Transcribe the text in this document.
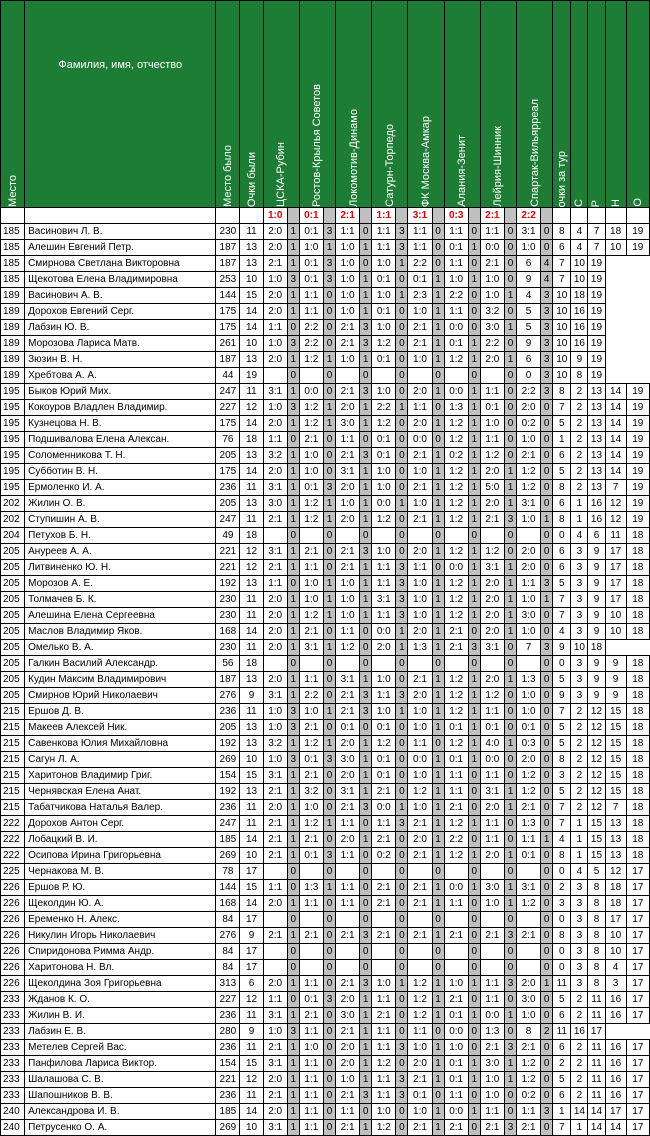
Место	Фамилия, имя, отчество	Место было	Очки были	ЦСКА-Рубин		Ростов-Крылья Советов		Локомотив-Динамо		Сатурн-Торпедо		ФК Москва-Амкар		Алания-Зенит		Лейрия-Шинник		Спартак-Вильярреал		очки за тур	С	Р	Н	О

				1:0		0:1		2:1		1:1		3:1		0:3		2:1		2:2						
185	Васинович Л. В.	230	11	2:0	1	0:1	3	1:1	0	1:1	3	1:1	0	1:1	0	1:1	0	3:1	0	8	4	7	18	19
185	Алешин Евгений Петр.	187	13	2:0	1	1:0	1	1:0	1	1:1	3	1:1	0	0:1	1	0:0	0	1:0	0	6	4	7	10	19
185	Смирнова Светлана Викторовна	187	13	2:1	1	0:1	3	1:0	0	1:0	1	2:2	0	1:1	0	2:1	0	6	4	7	10	19		
185	Щекотова Елена Владимировна	253	10	1:0	3	0:1	3	1:0	1	0:1	0	0:1	1	1:0	1	1:0	0	9	4	7	10	19		
189	Васинович А. В.	144	15	2:0	1	1:1	0	1:0	1	1:0	1	2:3	1	2:2	0	1:0	1	4	3	10	18	19		
189	Дорохов Евгений Серг.	175	14	2:0	1	1:1	0	1:0	1	0:1	0	1:0	1	1:1	0	3:2	0	5	3	10	16	19		
189	Лабзин Ю. В.	175	14	1:1	0	2:2	0	2:1	3	1:0	0	2:1	1	0:0	0	3:0	1	5	3	10	16	19		
189	Морозова Лариса Матв.	261	10	1:0	3	2:2	0	2:1	3	1:2	0	2:1	1	0:1	1	2:2	0	9	3	10	16	19		
189	Зюзин В. Н.	187	13	2:0	1	1:2	1	1:0	1	0:1	0	1:0	1	1:2	1	2:0	1	6	3	10	9	19		
189	Хребтова А. А.	44	19		0		0		0		0		0		0		0	0	3	10	8	19		
195	Быков Юрий Мих.	247	11	3:1	1	0:0	0	2:1	3	1:0	0	2:0	1	0:0	1	1:1	0	2:2	3	8	2	13	14	19
195	Кокоуров Владлен Владимир.	227	12	1:0	3	1:2	1	2:0	1	2:2	1	1:1	0	1:3	1	0:1	0	2:0	0	7	2	13	14	19
195	Кузнецова Н. В.	175	14	2:0	1	1:2	1	3:0	1	1:2	0	2:0	1	1:2	1	1:0	0	0:2	0	5	2	13	14	19
195	Подшивалова Елена Алексан.	76	18	1:1	0	2:1	0	1:1	0	0:1	0	0:0	0	1:2	1	1:1	0	1:0	0	1	2	13	14	19
195	Соломенникова Т. Н.	205	13	3:2	1	1:0	0	2:1	3	0:1	0	2:1	1	0:2	1	1:2	0	2:1	0	6	2	13	14	19
195	Субботин В. Н.	175	14	2:0	1	1:0	0	3:1	1	1:0	0	1:0	1	1:2	1	2:0	1	1:2	0	5	2	13	14	19
195	Ермоленко И. А.	236	11	3:1	1	0:1	3	2:0	1	1:0	0	2:1	1	1:2	1	5:0	1	1:2	0	8	2	13	7	19
202	Жилин О. В.	205	13	3:0	1	1:2	1	1:0	1	0:0	1	1:0	1	1:2	1	2:0	1	3:1	0	6	1	16	12	19
202	Ступишин А. В.	247	11	2:1	1	1:2	1	2:0	1	1:2	0	2:1	1	1:2	1	2:1	3	1:0	1	8	1	16	12	19
204	Петухов Б. Н.	49	18		0		0		0		0		0		0		0		0	0	4	6	11	18
205	Ануреев А. А.	221	12	3:1	1	2:1	0	2:1	3	1:0	0	2:0	1	1:2	1	1:2	0	2:0	0	6	3	9	17	18
205	Литвиненко Ю. Н.	221	12	2:1	1	1:1	0	2:1	1	1:1	3	1:1	0	0:0	1	3:1	1	2:0	0	6	3	9	17	18
205	Морозов А. Е.	192	13	1:1	0	1:0	1	1:0	1	1:1	3	1:0	1	1:2	1	2:0	1	1:1	3	5	3	9	17	18
205	Толмачев Б. К.	230	11	2:0	1	1:0	1	1:0	1	3:1	3	1:0	1	1:2	1	2:0	1	1:0	1	7	3	9	17	18
205	Алешина Елена Сергеевна	230	11	2:0	1	1:2	1	1:0	1	1:1	3	1:0	1	1:2	1	2:0	1	3:0	0	7	3	9	10	18
205	Маслов Владимир Яков.	168	14	2:0	1	2:1	0	1:1	0	0:0	1	2:0	1	2:1	0	2:0	1	1:0	0	4	3	9	10	18
205	Омелько В. А.	230	11	2:0	1	3:1	1	1:2	0	2:0	1	1:3	1	2:1	3	3:1	0	7	3	9	10	18		
205	Галкин Василий Александр.	56	18		0		0		0		0		0		0		0		0	0	3	9	9	18
205	Кудин Максим Владимирович	187	13	2:0	1	1:1	0	3:1	1	1:0	0	2:1	1	1:2	1	2:0	1	1:3	0	5	3	9	9	18
205	Смирнов Юрий Николаевич	276	9	3:1	1	2:2	0	2:1	3	1:1	3	2:0	1	1:2	1	1:2	0	1:0	0	9	3	9	9	18
215	Ершов Д. В.	236	11	1:0	3	1:0	1	2:1	3	1:0	1	1:0	1	1:2	1	1:1	0	1:0	0	7	2	12	15	18
215	Макеев Алексей Ник.	205	13	1:0	3	2:1	0	0:1	0	0:1	0	1:0	1	0:1	1	0:1	0	0:1	0	5	2	12	15	18
215	Савенкова Юлия Михайловна	192	13	3:2	1	1:2	1	2:0	1	1:2	0	1:1	0	1:2	1	4:0	1	0:3	0	5	2	12	15	18
215	Сагун Л. А.	269	10	1:0	3	0:1	3	3:0	1	0:1	0	0:0	1	0:1	1	0:0	0	2:0	0	8	2	12	15	18
215	Харитонов Владимир Григ.	154	15	3:1	1	2:1	0	2:0	1	0:1	0	1:0	1	1:1	0	1:1	0	1:2	0	3	2	12	15	18
215	Чернявская Елена Анат.	192	13	2:1	1	3:2	0	3:1	1	2:1	0	1:2	1	1:1	0	3:1	1	1:2	0	5	2	12	15	18
215	Табатчикова Наталья Валер.	236	11	2:0	1	1:0	0	2:1	3	0:0	1	1:0	1	2:1	0	2:0	1	2:1	0	7	2	12	7	18
222	Дорохов Антон Серг.	247	11	2:1	1	1:2	1	1:1	0	1:1	3	2:1	1	1:2	1	1:1	0	1:3	0	7	1	15	13	18
222	Лобацкий В. И.	185	14	2:1	1	2:1	0	2:0	1	2:1	0	2:0	1	2:2	0	1:1	0	1:1	1	4	1	15	13	18
222	Осипова Ирина Григорьевна	269	10	2:1	1	0:1	3	1:1	0	0:2	0	2:1	1	1:2	1	2:0	1	0:1	0	8	1	15	13	18
225	Чернакова М. В.	78	17		0		0		0		0		0		0		0		0	0	4	5	12	17
226	Ершов Р. Ю.	144	15	1:1	0	1:3	1	1:1	0	2:1	0	2:1	1	0:0	1	3:0	1	3:1	0	2	3	8	18	17
226	Щеколдин Ю. А.	168	14	2:0	1	1:1	0	1:1	0	2:1	0	2:1	1	1:1	0	1:0	1	1:2	0	3	3	8	18	17
226	Еременко Н. Алекс.	84	17		0		0		0		0		0		0		0		0	0	3	8	17	17
226	Никулин Игорь Николаевич	276	9	2:1	1	2:1	0	2:1	3	2:1	0	2:1	1	2:1	0	2:1	3	2:1	0	8	3	8	10	17
226	Спиридонова Римма Андр.	84	17		0		0		0		0		0		0		0		0	0	3	8	10	17
226	Харитонова Н. Вл.	84	17		0		0		0		0		0		0		0		0	0	3	8	4	17
226	Щеколдина Зоя Григорьевна	313	6	2:0	1	1:1	0	2:1	3	1:0	1	1:2	1	1:0	1	1:1	3	2:0	1	11	3	8	3	17
233	Жданов К. О.	227	12	1:1	0	0:1	3	2:0	1	1:1	0	1:2	1	2:1	0	1:1	0	3:0	0	5	2	11	16	17
233	Жилин В. И.	236	11	3:1	1	2:1	0	3:0	1	2:1	0	1:2	1	0:1	1	0:0	1	1:0	0	6	2	11	16	17
233	Лабзин Е. В.	280	9	1:0	3	1:1	0	2:1	1	1:1	0	1:1	0	0:0	0	1:3	0	8	2	11	16	17		
233	Метелев Сергей Вас.	236	11	2:1	1	1:0	0	2:0	1	1:1	3	1:0	1	1:0	0	2:1	3	2:1	0	6	2	11	16	17
233	Панфилова Лариса Виктор.	154	15	3:1	1	1:1	0	2:0	1	1:2	0	2:0	1	0:1	1	3:0	1	1:2	0	2	2	11	16	17
233	Шалашова С. В.	221	12	2:0	1	1:1	0	1:0	1	1:1	3	2:1	1	0:1	1	1:0	1	1:2	0	5	2	11	16	17
233	Шапошников В. В.	236	11	2:1	1	1:1	0	2:1	3	1:1	3	0:1	0	1:1	0	1:0	0	0:2	0	6	2	11	16	17
240	Александрова И. В.	185	14	2:0	1	1:1	0	1:1	0	1:0	0	1:0	1	0:0	1	1:1	0	1:1	3	1	14	14	17	17
240	Петрусенко О. А.	269	10	3:1	1	1:1	0	2:1	1	1:2	0	2:1	1	2:1	0	2:1	3	2:1	0	7	1	14	14	17
